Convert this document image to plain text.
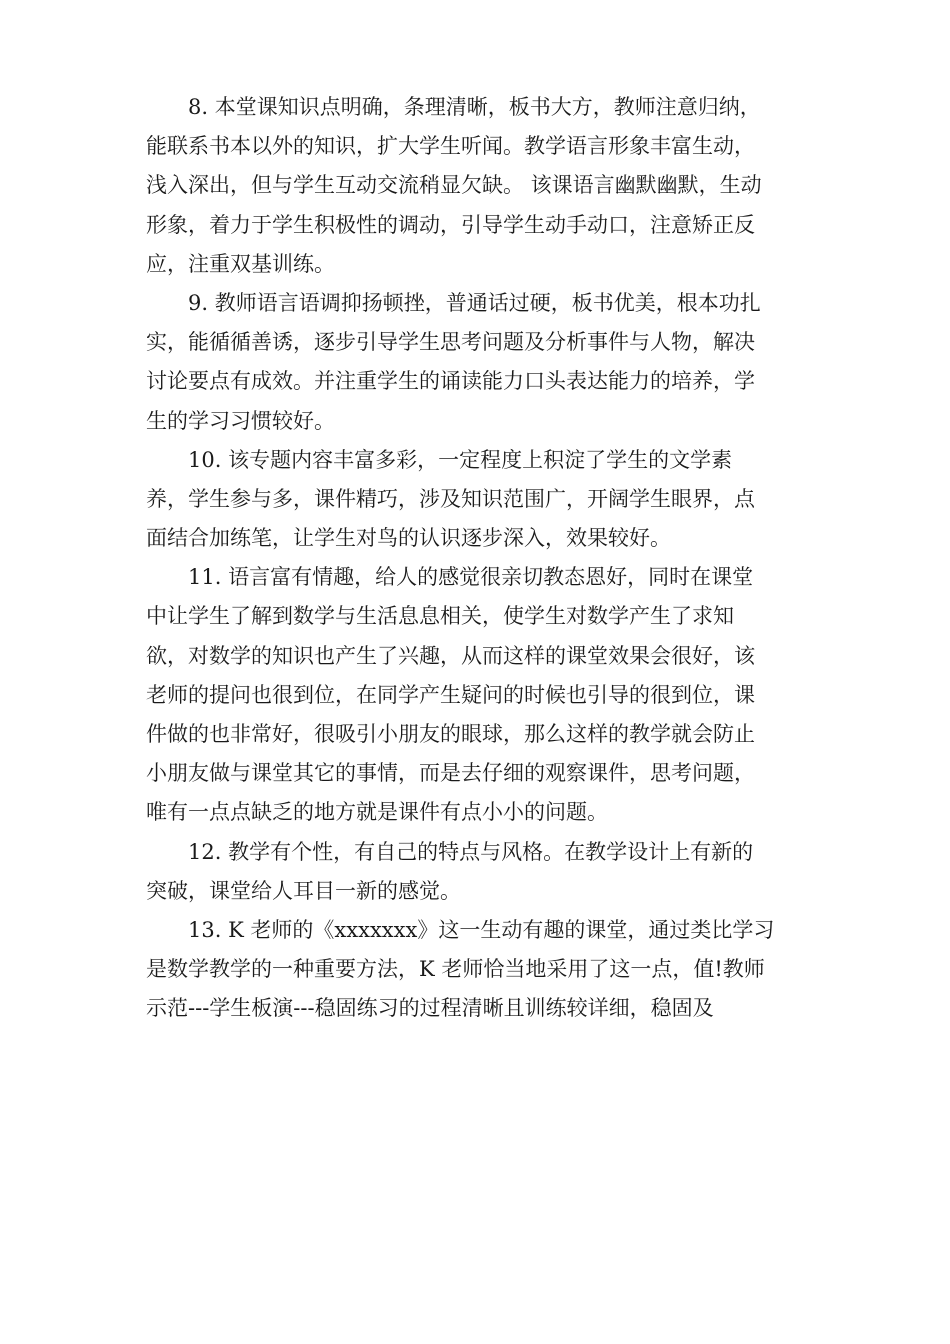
8. 本堂课知识点明确，条理清晰，板书大方，教师注意归纳，
能联系书本以外的知识，扩大学生听闻。教学语言形象丰富生动，
浅入深出，但与学生互动交流稍显欠缺。 该课语言幽默幽默，生动
形象，着力于学生积极性的调动，引导学生动手动口，注意矫正反
应，注重双基训练。
9. 教师语言语调抑扬顿挫，普通话过硬，板书优美，根本功扎
实，能循循善诱，逐步引导学生思考问题及分析事件与人物，解决
讨论要点有成效。并注重学生的诵读能力口头表达能力的培养，学
生的学习习惯较好。
10. 该专题内容丰富多彩，一定程度上积淀了学生的文学素
养，学生参与多，课件精巧，涉及知识范围广，开阔学生眼界，点
面结合加练笔，让学生对鸟的认识逐步深入，效果较好。
11. 语言富有情趣，给人的感觉很亲切教态恩好，同时在课堂
中让学生了解到数学与生活息息相关，使学生对数学产生了求知
欲，对数学的知识也产生了兴趣，从而这样的课堂效果会很好，该
老师的提问也很到位，在同学产生疑问的时候也引导的很到位，课
件做的也非常好，很吸引小朋友的眼球，那么这样的教学就会防止
小朋友做与课堂其它的事情，而是去仔细的观察课件，思考问题，
唯有一点点缺乏的地方就是课件有点小小的问题。
12. 教学有个性，有自己的特点与风格。在教学设计上有新的
突破，课堂给人耳目一新的感觉。
13. K 老师的《xxxxxxx》这一生动有趣的课堂，通过类比学习
是数学教学的一种重要方法，K 老师恰当地采用了这一点，值!教师
示范---学生板演---稳固练习的过程清晰且训练较详细，稳固及
